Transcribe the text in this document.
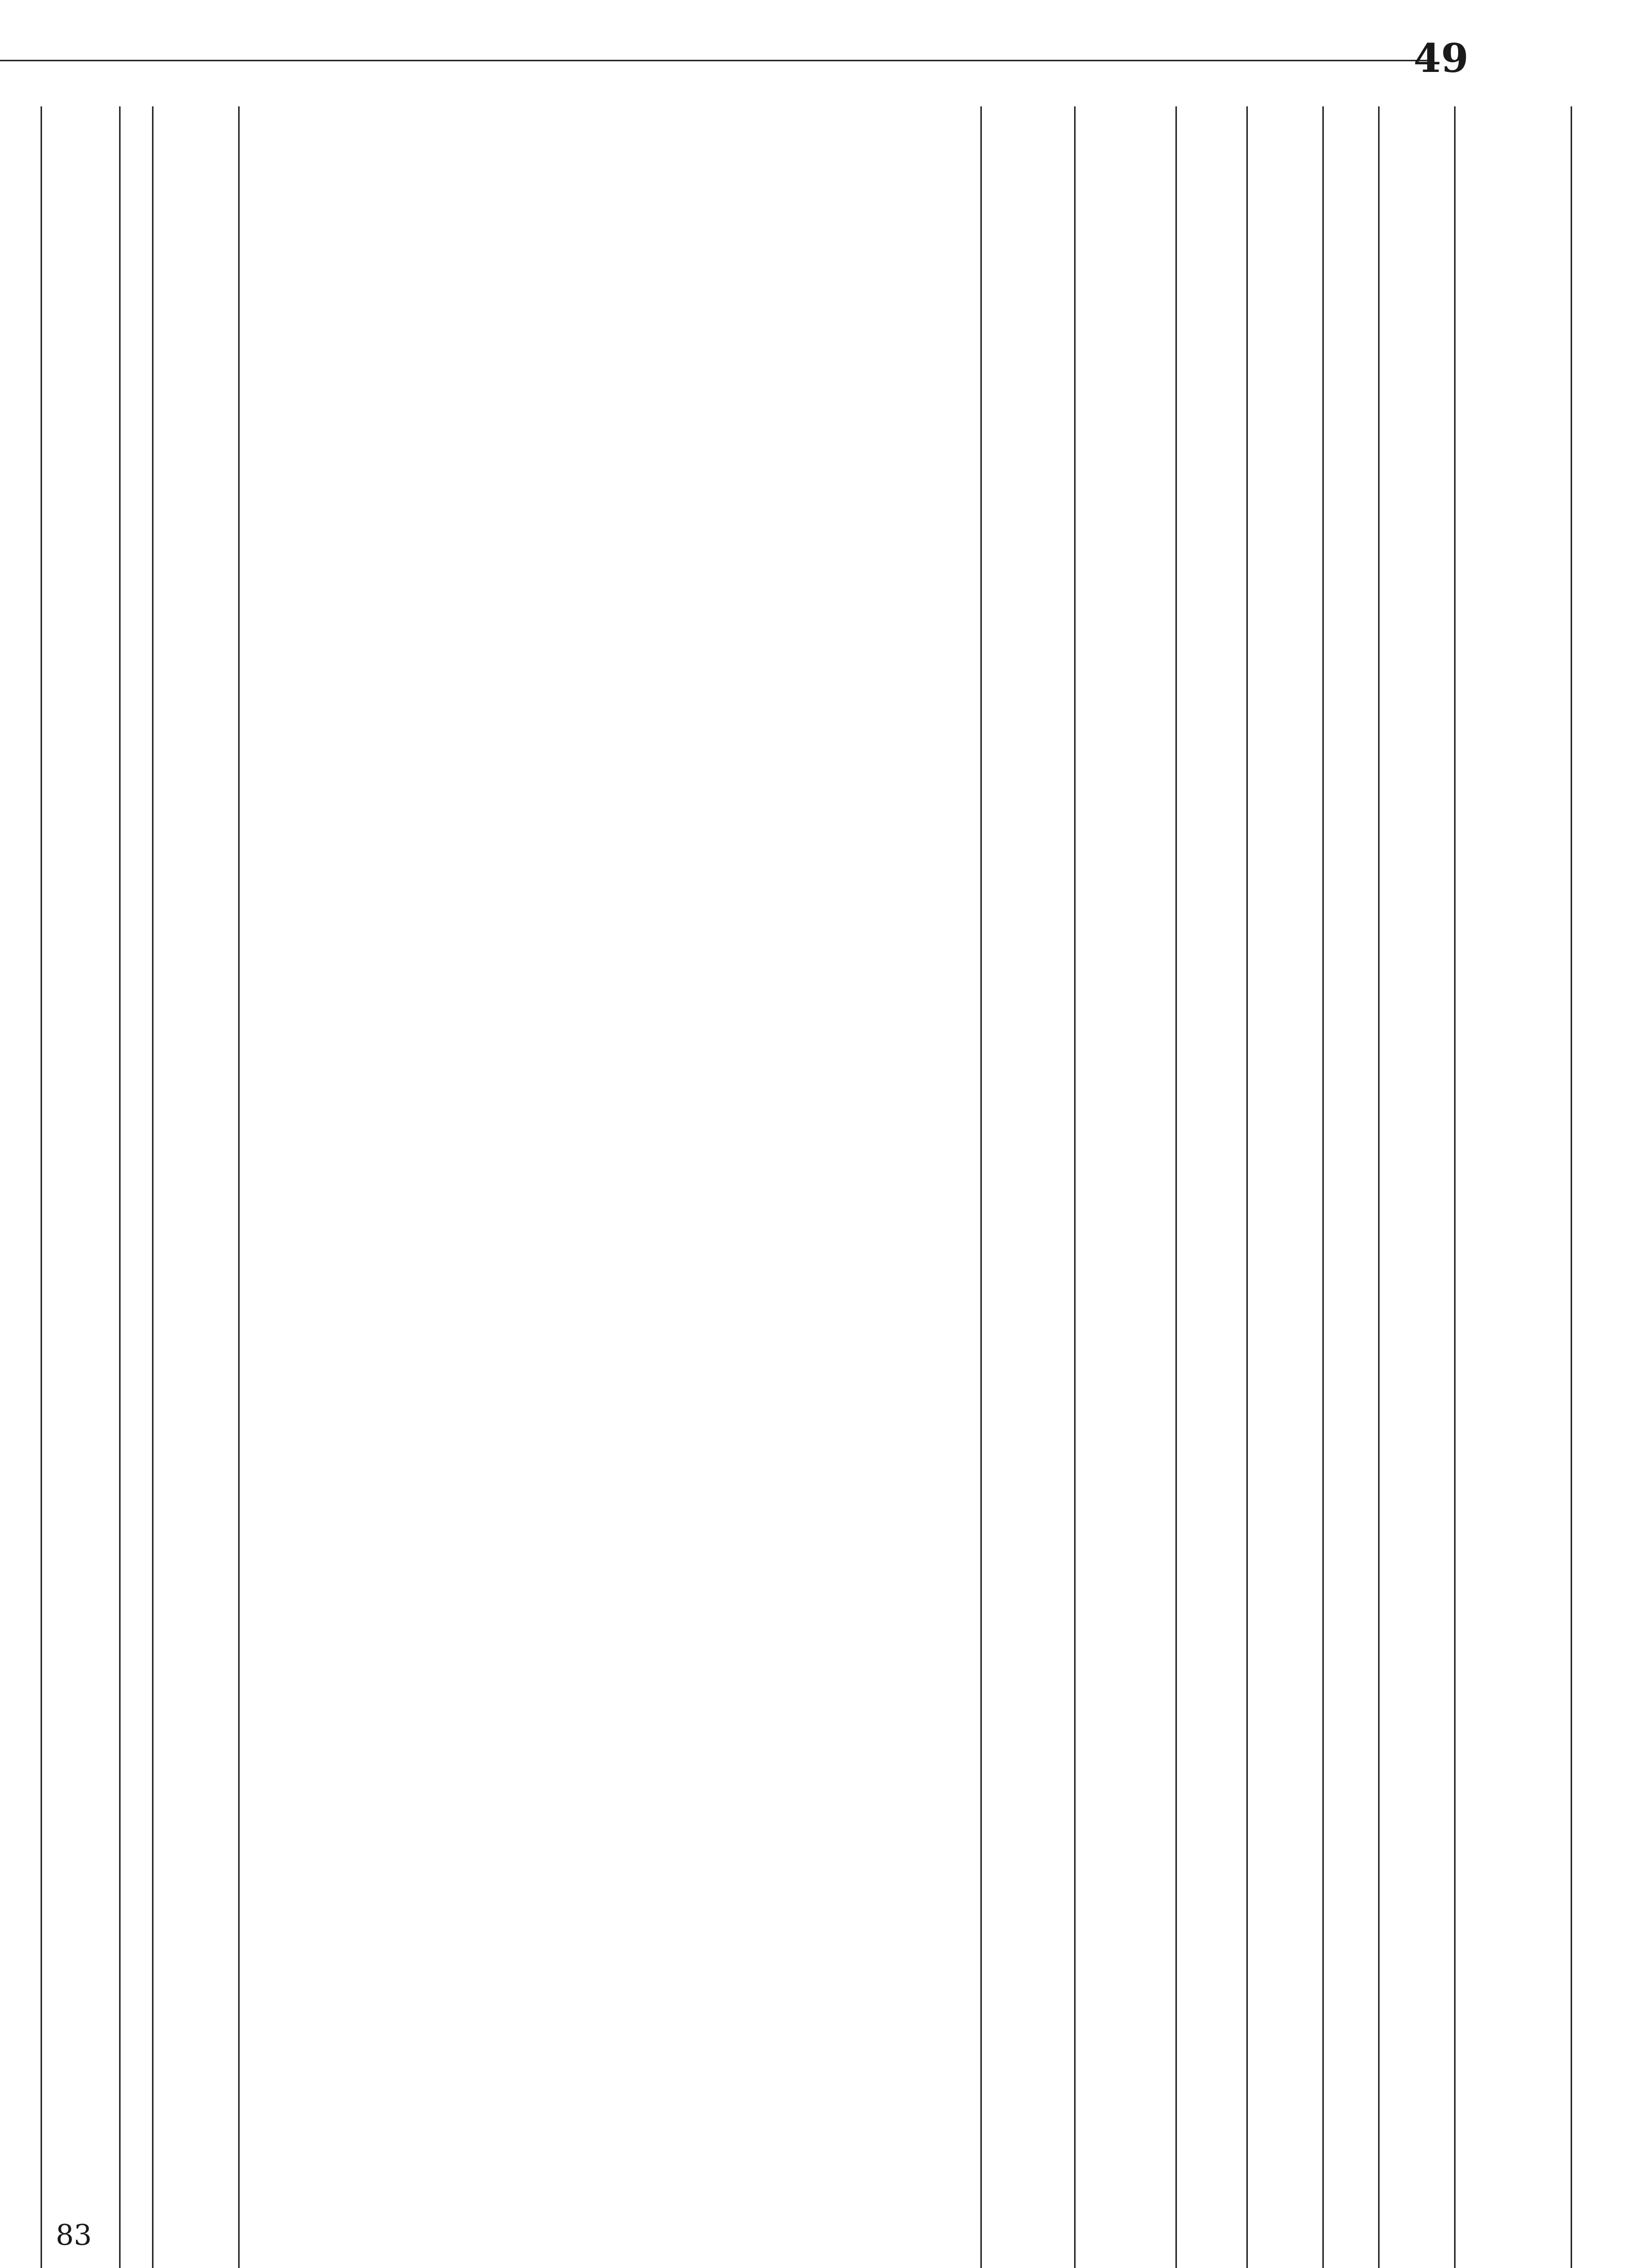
49
83
